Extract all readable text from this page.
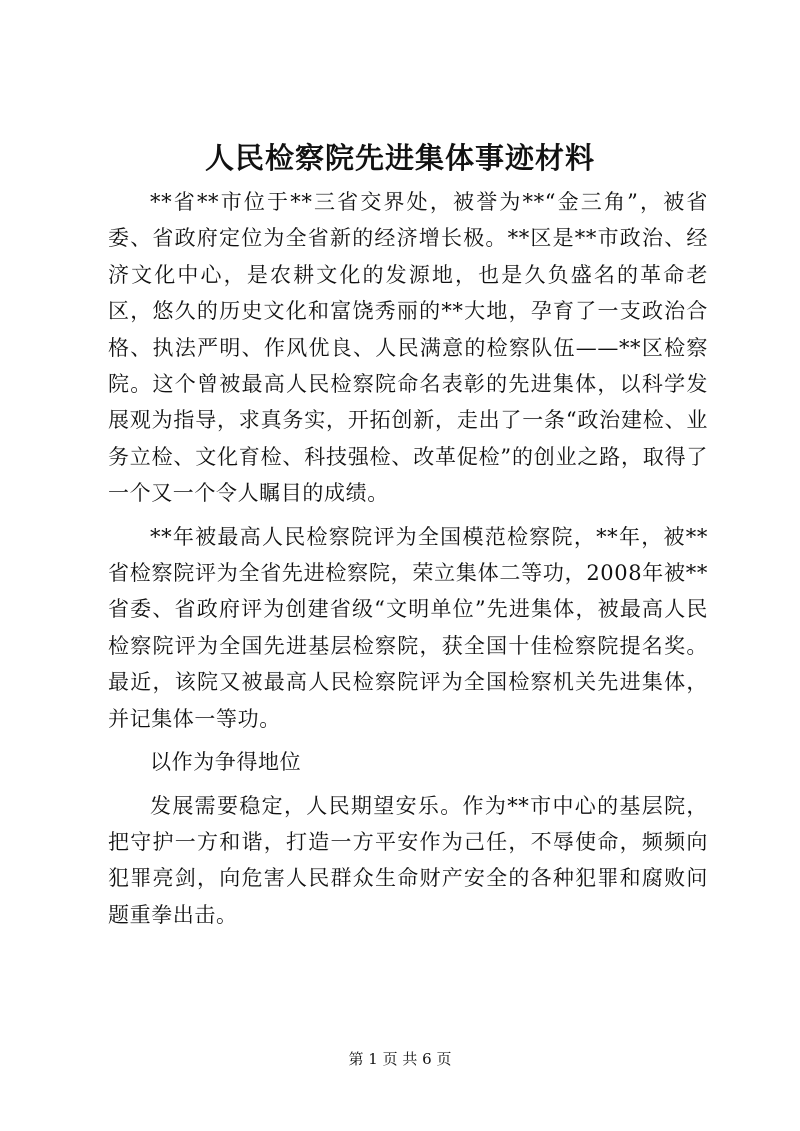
人民检察院先进集体事迹材料

**省**市位于**三省交界处，被誉为**“金三角”，被省委、省政府定位为全省新的经济增长极。**区是**市政治、经济文化中心，是农耕文化的发源地，也是久负盛名的革命老区，悠久的历史文化和富饶秀丽的**大地，孕育了一支政治合格、执法严明、作风优良、人民满意的检察队伍——**区检察院。这个曾被最高人民检察院命名表彰的先进集体，以科学发展观为指导，求真务实，开拓创新，走出了一条“政治建检、业务立检、文化育检、科技强检、改革促检”的创业之路，取得了一个又一个令人瞩目的成绩。

**年被最高人民检察院评为全国模范检察院，**年，被**省检察院评为全省先进检察院，荣立集体二等功，2008年被**省委、省政府评为创建省级“文明单位”先进集体，被最高人民检察院评为全国先进基层检察院，获全国十佳检察院提名奖。最近，该院又被最高人民检察院评为全国检察机关先进集体，并记集体一等功。

以作为争得地位

发展需要稳定，人民期望安乐。作为**市中心的基层院，把守护一方和谐，打造一方平安作为己任，不辱使命，频频向犯罪亮剑，向危害人民群众生命财产安全的各种犯罪和腐败问题重拳出击。

第 1 页 共 6 页
